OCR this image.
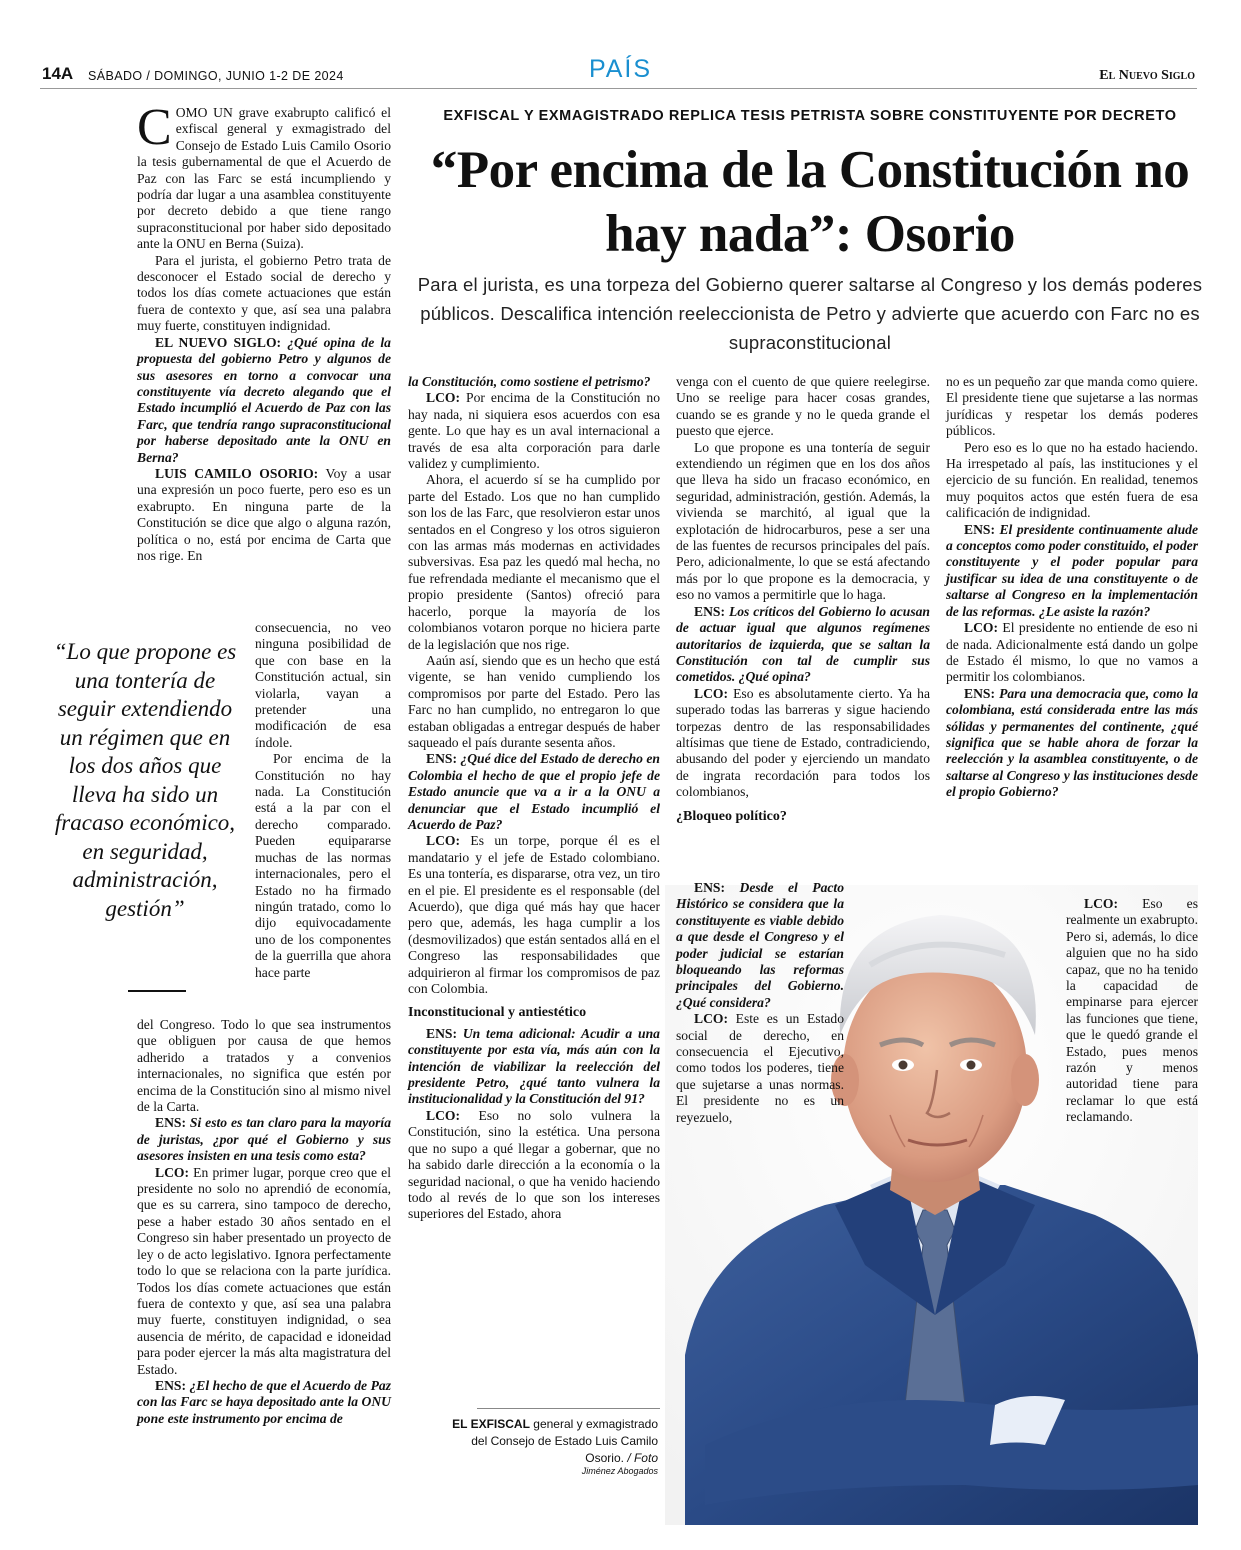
14A SÁBADO / DOMINGO, JUNIO 1-2 DE 2024	PAÍS	El Nuevo Siglo
EXFISCAL Y EXMAGISTRADO REPLICA TESIS PETRISTA SOBRE CONSTITUYENTE POR DECRETO
“Por encima de la Constitución no hay nada”: Osorio
Para el jurista, es una torpeza del Gobierno querer saltarse al Congreso y los demás poderes públicos. Descalifica intención reeleccionista de Petro y advierte que acuerdo con Farc no es supraconstitucional

COMO UN grave exabrupto calificó el exfiscal general y exmagistrado del Consejo de Estado Luis Camilo Osorio la tesis gubernamental de que el Acuerdo de Paz con las Farc se está incumpliendo y podría dar lugar a una asamblea constituyente por decreto debido a que tiene rango supraconstitucional por haber sido depositado ante la ONU en Berna (Suiza).

Para el jurista, el gobierno Petro trata de desconocer el Estado social de derecho y todos los días comete actuaciones que están fuera de contexto y que, así sea una palabra muy fuerte, constituyen indignidad.

EL NUEVO SIGLO: ¿Qué opina de la propuesta del gobierno Petro y algunos de sus asesores en torno a convocar una constituyente vía decreto alegando que el Estado incumplió el Acuerdo de Paz con las Farc, que tendría rango supraconstitucional por haberse depositado ante la ONU en Berna?

LUIS CAMILO OSORIO: Voy a usar una expresión un poco fuerte, pero eso es un exabrupto. En ninguna parte de la Constitución se dice que algo o alguna razón, política o no, está por encima de Carta que nos rige. En

consecuencia, no veo ninguna posibilidad de que con base en la Constitución actual, sin violarla, vayan a pretender una modificación de esa índole.

Por encima de la Constitución no hay nada. La Constitución está a la par con el derecho comparado. Pueden equipararse muchas de las normas internacionales, pero el Estado no ha firmado ningún tratado, como lo dijo equivocadamente uno de los componentes de la guerrilla que ahora hace parte

del Congreso. Todo lo que sea instrumentos que obliguen por causa de que hemos adherido a tratados y a convenios internacionales, no significa que estén por encima de la Constitución sino al mismo nivel de la Carta.

ENS: Si esto es tan claro para la mayoría de juristas, ¿por qué el Gobierno y sus asesores insisten en una tesis como esta?

LCO: En primer lugar, porque creo que el presidente no solo no aprendió de economía, que es su carrera, sino tampoco de derecho, pese a haber estado 30 años sentado en el Congreso sin haber presentado un proyecto de ley o de acto legislativo. Ignora perfectamente todo lo que se relaciona con la parte jurídica. Todos los días comete actuaciones que están fuera de contexto y que, así sea una palabra muy fuerte, constituyen indignidad, o sea ausencia de mérito, de capacidad e idoneidad para poder ejercer la más alta magistratura del Estado.

ENS: ¿El hecho de que el Acuerdo de Paz con las Farc se haya depositado ante la ONU pone este instrumento por encima de

“Lo que propone es una tontería de seguir extendiendo un régimen que en los dos años que lleva ha sido un fracaso económico, en seguridad, administración, gestión”

la Constitución, como sostiene el petrismo?

LCO: Por encima de la Constitución no hay nada, ni siquiera esos acuerdos con esa gente. Lo que hay es un aval internacional a través de esa alta corporación para darle validez y cumplimiento.

Ahora, el acuerdo sí se ha cumplido por parte del Estado. Los que no han cumplido son los de las Farc, que resolvieron estar unos sentados en el Congreso y los otros siguieron con las armas más modernas en actividades subversivas. Esa paz les quedó mal hecha, no fue refrendada mediante el mecanismo que el propio presidente (Santos) ofreció para hacerlo, porque la mayoría de los colombianos votaron porque no hiciera parte de la legislación que nos rige.

Aaún así, siendo que es un hecho que está vigente, se han venido cumpliendo los compromisos por parte del Estado. Pero las Farc no han cumplido, no entregaron lo que estaban obligadas a entregar después de haber saqueado el país durante sesenta años.

ENS: ¿Qué dice del Estado de derecho en Colombia el hecho de que el propio jefe de Estado anuncie que va a ir a la ONU a denunciar que el Estado incumplió el Acuerdo de Paz?

LCO: Es un torpe, porque él es el mandatario y el jefe de Estado colombiano. Es una tontería, es dispararse, otra vez, un tiro en el pie. El presidente es el responsable (del Acuerdo), que diga qué más hay que hacer pero que, además, les haga cumplir a los (desmovilizados) que están sentados allá en el Congreso las responsabilidades que adquirieron al firmar los compromisos de paz con Colombia.

Inconstitucional y antiestético

ENS: Un tema adicional: Acudir a una constituyente por esta vía, más aún con la intención de viabilizar la reelección del presidente Petro, ¿qué tanto vulnera la institucionalidad y la Constitución del 91?

LCO: Eso no solo vulnera la Constitución, sino la estética. Una persona que no supo a qué llegar a gobernar, que no ha sabido darle dirección a la economía o la seguridad nacional, o que ha venido haciendo todo al revés de lo que son los intereses superiores del Estado, ahora

EL EXFISCAL general y exmagistrado del Consejo de Estado Luis Camilo Osorio. / Foto
Jiménez Abogados

venga con el cuento de que quiere reelegirse. Uno se reelige para hacer cosas grandes, cuando se es grande y no le queda grande el puesto que ejerce.

Lo que propone es una tontería de seguir extendiendo un régimen que en los dos años que lleva ha sido un fracaso económico, en seguridad, administración, gestión. Además, la vivienda se marchitó, al igual que la explotación de hidrocarburos, pese a ser una de las fuentes de recursos principales del país. Pero, adicionalmente, lo que se está afectando más por lo que propone es la democracia, y eso no vamos a permitirle que lo haga.

ENS: Los críticos del Gobierno lo acusan de actuar igual que algunos regímenes autoritarios de izquierda, que se saltan la Constitución con tal de cumplir sus cometidos. ¿Qué opina?

LCO: Eso es absolutamente cierto. Ya ha superado todas las barreras y sigue haciendo torpezas dentro de las responsabilidades altísimas que tiene de Estado, contradiciendo, abusando del poder y ejerciendo un mandato de ingrata recordación para todos los colombianos,

¿Bloqueo político?

ENS: Desde el Pacto Histórico se considera que la constituyente es viable debido a que desde el Congreso y el poder judicial se estarían bloqueando las reformas principales del Gobierno. ¿Qué considera?

LCO: Este es un Estado social de derecho, en consecuencia el Ejecutivo, como todos los poderes, tiene que sujetarse a unas normas. El presidente no es un reyezuelo,

no es un pequeño zar que manda como quiere. El presidente tiene que sujetarse a las normas jurídicas y respetar los demás poderes públicos.

Pero eso es lo que no ha estado haciendo. Ha irrespetado al país, las instituciones y el ejercicio de su función. En realidad, tenemos muy poquitos actos que estén fuera de esa calificación de indignidad.

ENS: El presidente continuamente alude a conceptos como poder constituido, el poder constituyente y el poder popular para justificar su idea de una constituyente o de saltarse al Congreso en la implementación de las reformas. ¿Le asiste la razón?

LCO: El presidente no entiende de eso ni de nada. Adicionalmente está dando un golpe de Estado él mismo, lo que no vamos a permitir los colombianos.

ENS: Para una democracia que, como la colombiana, está considerada entre las más sólidas y permanentes del continente, ¿qué significa que se hable ahora de forzar la reelección y la asamblea constituyente, o de saltarse al Congreso y las instituciones desde el propio Gobierno?

LCO: Eso es realmente un exabrupto. Pero si, además, lo dice alguien que no ha sido capaz, que no ha tenido la capacidad de empinarse para ejercer las funciones que tiene, que le quedó grande el Estado, pues menos razón y menos autoridad tiene para reclamar lo que está reclamando.
